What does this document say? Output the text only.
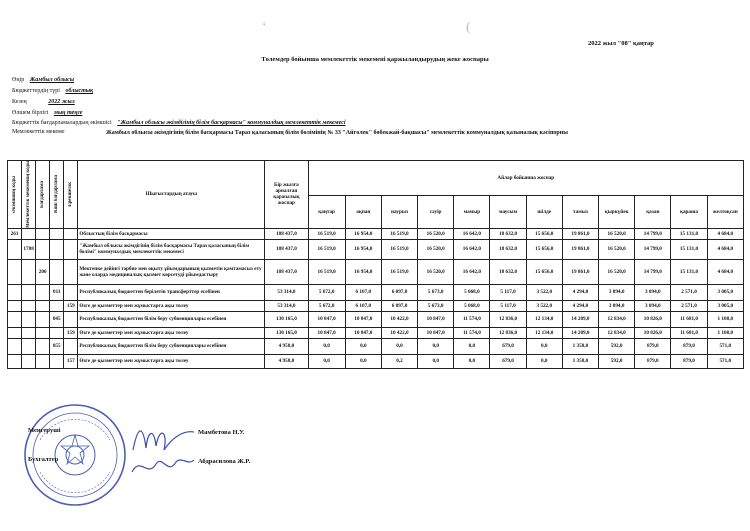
‘	(
2022 жыл "08" қаңтар
Төлемдер бойынша мемлекеттік мекемені қаржыландырудың жеке жоспары
Өңір Жамбыл облысы
Бюджеттердің түрі облыстық
Кезең	2022 жыл
Өлшем бірлігі мың теңге
Бюджеттік бағдарламалардың әкімшісі "Жамбыл облысы әкімдігінің білім басқармасы" коммуналдық мемлекеттік мекемесі
Мемлекеттік мекеме	Жамбыл облысы әкімдігінің білім басқармасы Тараз қаласының білім бөлімінің № 33 "Айгөлек" бөбекжай-бақшасы" мемлекеттік коммуналдық қазыналық кәсіпорны
Әкімшінің коды	Мемлекеттік мекеменің коды	Бағдарлама	Кіші бағдарлама	Ерекшелік	Шығыстардың атауы	Бір жылға арналған қаржылық жоспар	Айлар бойынша жоспар											
							қаңтар	ақпан	наурыз	сәуір	мамыр	маусым	шілде	тамыз	қыркүйек	қазан	қараша	желтоқсан
261					Облыстың білім басқармасы	188 437,0	16 519,0	16 954,0	16 519,0	16 520,0	16 642,0	18 632,0	15 656,0	19 861,0	16 520,0	14 799,0	15 131,0	4 684,0
	1788				"Жамбыл облысы әкімдігінің білім басқармасы Тараз қаласының білім бөлімі" коммуналдық мемлекеттік мекемесі	188 437,0	16 519,0	16 954,0	16 519,0	16 520,0	16 642,0	18 632,0	15 656,0	19 861,0	16 520,0	14 799,0	15 131,0	4 684,0
		200			Мектепке дейінгі тәрбие мен оқыту ұйымдарының қызметін қамтамасыз ету және оларда медициналық қызмет көрсетуді ұйымдастыру	188 437,0	16 519,0	16 954,0	16 519,0	16 520,0	16 642,0	18 632,0	15 656,0	19 861,0	16 520,0	14 799,0	15 131,0	4 684,0
			011		Республикалық бюджеттен берілетін трансферттер есебінен	53 314,0	5 672,0	6 107,0	6 097,0	5 673,0	5 068,0	5 117,0	3 522,0	4 294,0	3 094,0	3 094,0	2 571,0	3 005,0
				159	Өзге де қызметтер мен жұмыстарға ақы төлеу	53 314,0	5 672,0	6 107,0	6 097,0	5 673,0	5 068,0	5 117,0	3 522,0	4 294,0	3 094,0	3 094,0	2 571,0	3 005,0
			045		Республикалық бюджеттен білім беру субвенциялары есебінен	130 165,0	10 847,0	10 847,0	10 422,0	10 847,0	11 574,0	12 836,0	12 134,0	14 209,0	12 834,0	10 826,0	11 681,0	1 108,0
				159	Өзге де қызметтер мен жұмыстарға ақы төлеу	130 165,0	10 847,0	10 847,0	10 422,0	10 847,0	11 574,0	12 836,0	12 134,0	14 209,0	12 834,0	10 826,0	11 681,0	1 108,0
			055		Республикалық бюджеттен білім беру субвенциялары есебінен	4 958,0	0,0	0,0	0,0	0,0	0,0	679,0	0,0	1 358,0	592,0	879,0	879,0	571,0
				157	Өзге де қызметтер мен жұмыстарға ақы төлеу	4 958,0	0,0	0,0	0,2	0,0	0,0	679,0	0,0	1 358,0	592,0	879,0	879,0	571,0
Меңгеруші	Мамбетова Н.У.
Бухгалтер	Абдрасилова Ж.Р.
